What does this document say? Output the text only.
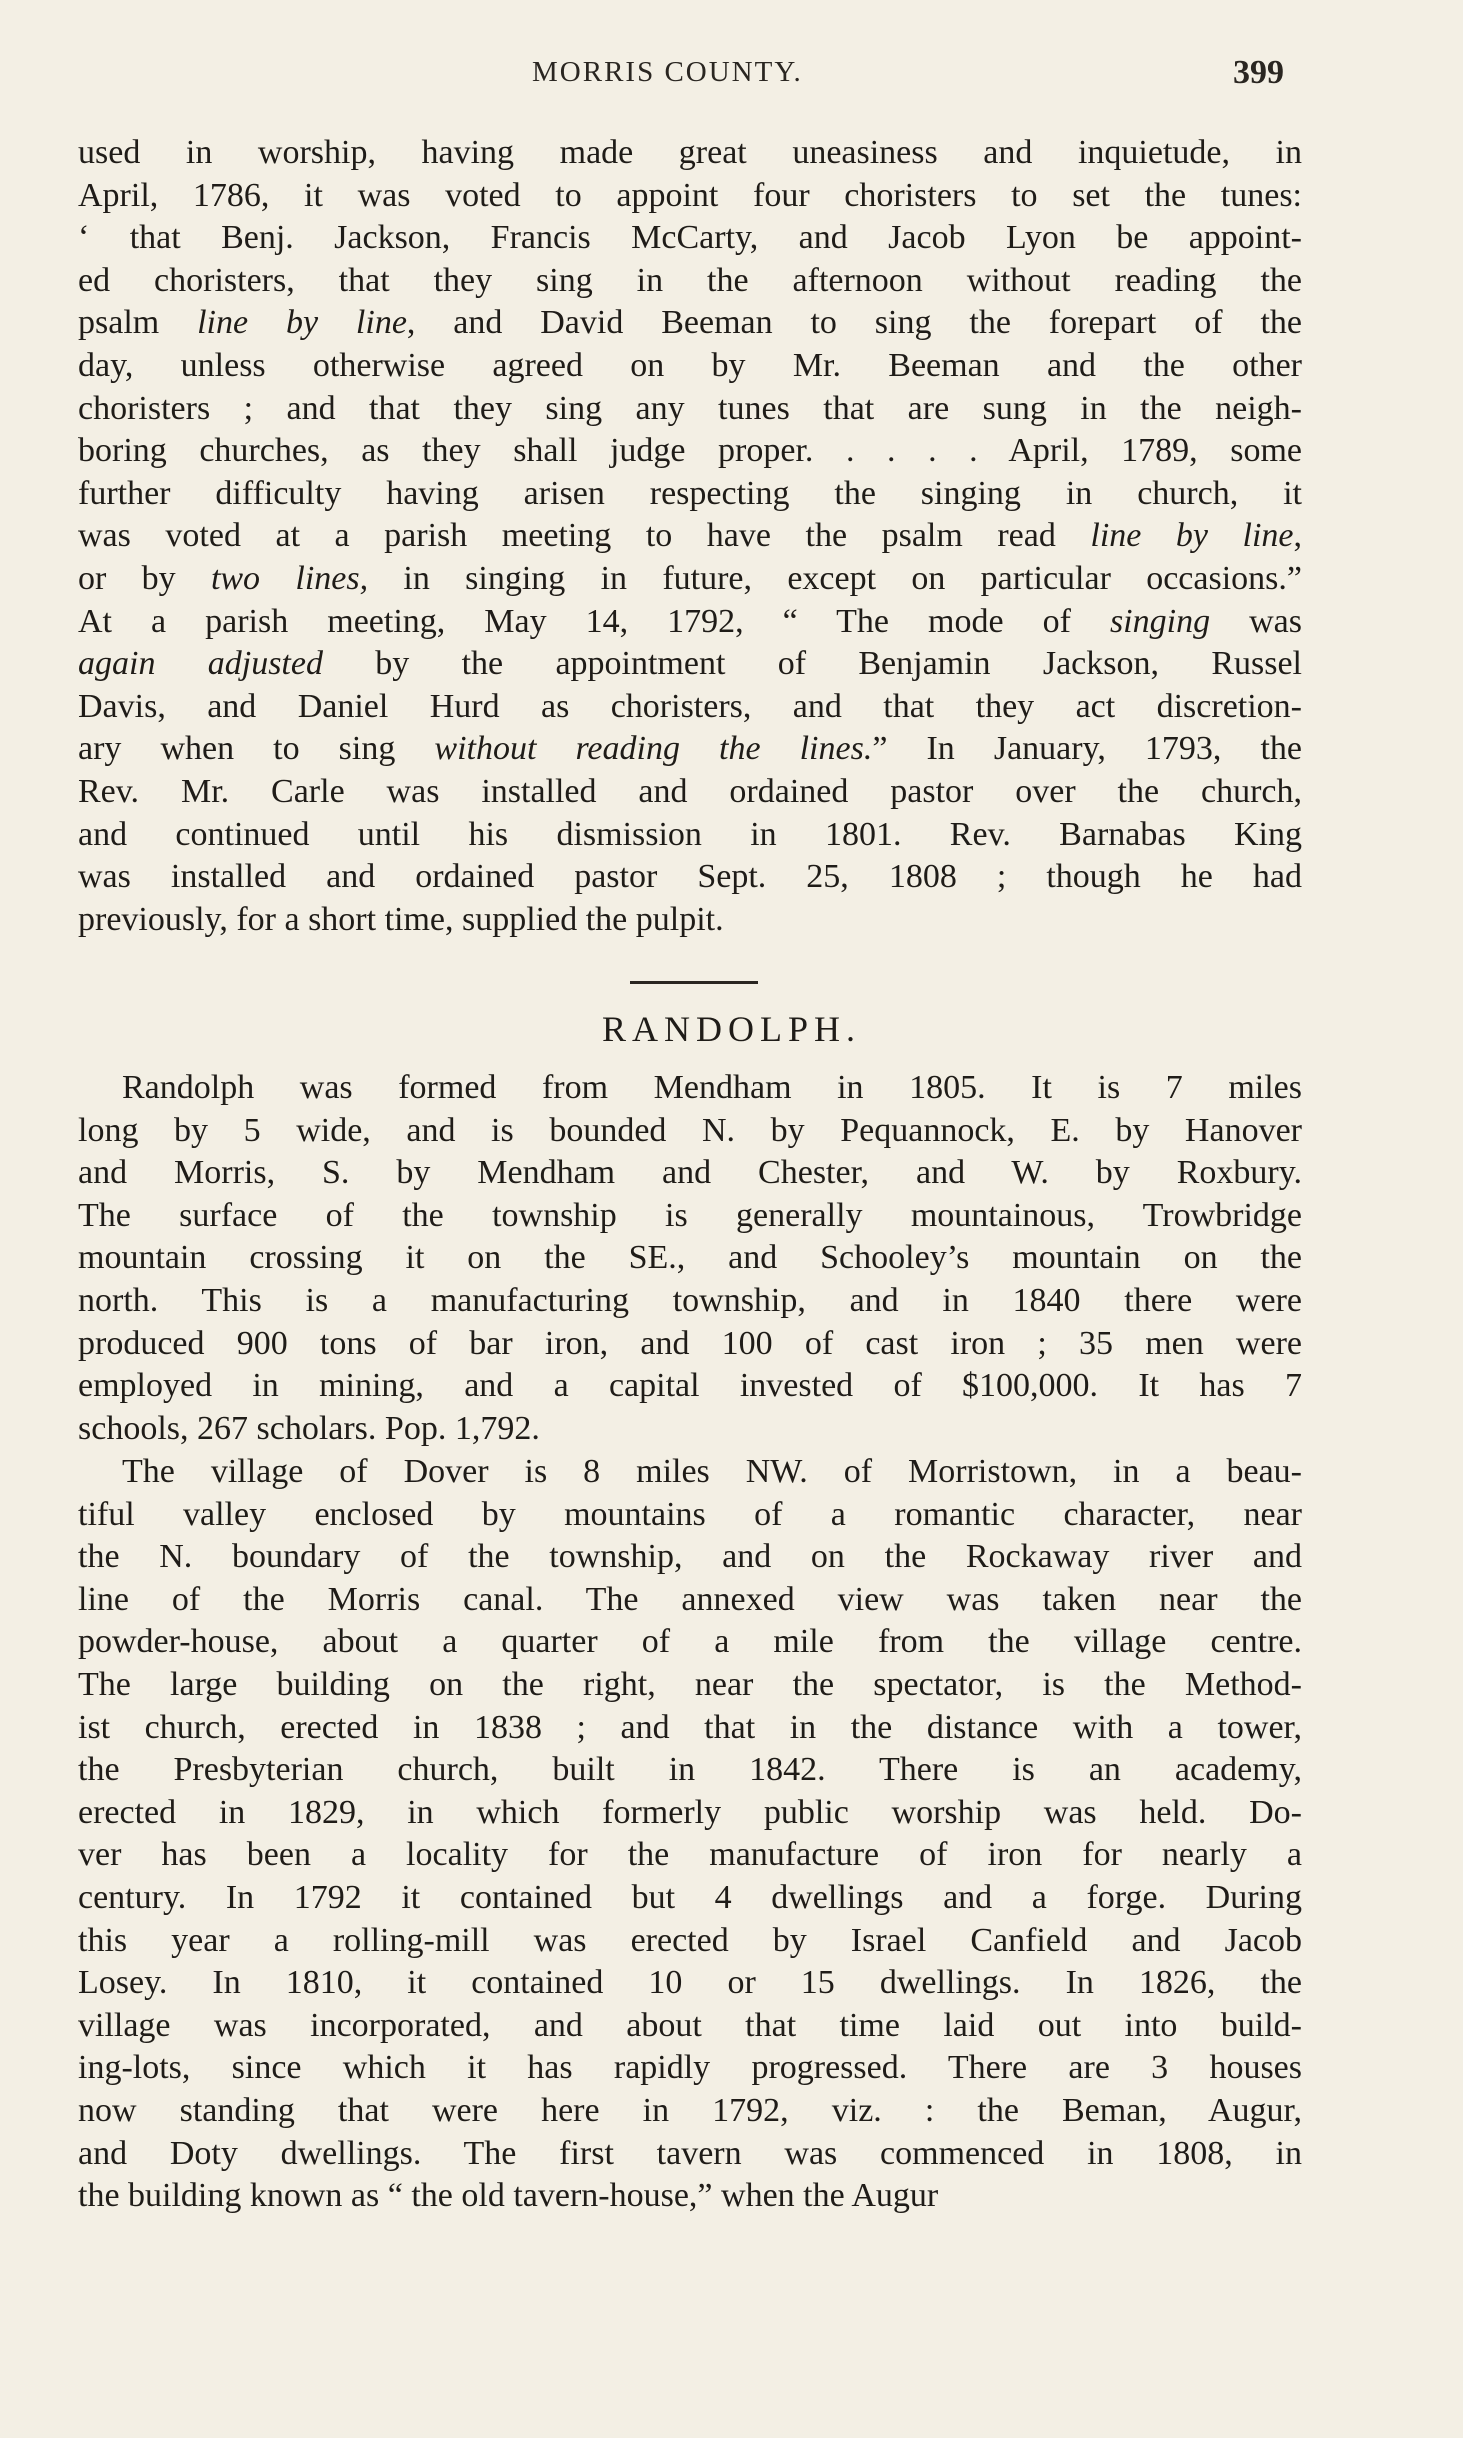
MORRIS COUNTY.	399

used in worship, having made great uneasiness and inquietude, in

April, 1786, it was voted to appoint four choristers to set the tunes:

‘ that Benj. Jackson, Francis McCarty, and Jacob Lyon be appoint-

ed choristers, that they sing in the afternoon without reading the

psalm line by line, and David Beeman to sing the forepart of the

day, unless otherwise agreed on by Mr. Beeman and the other

choristers ; and that they sing any tunes that are sung in the neigh-

boring churches, as they shall judge proper. . . . . April, 1789, some

further difficulty having arisen respecting the singing in church, it

was voted at a parish meeting to have the psalm read line by line,

or by two lines, in singing in future, except on particular occasions.”

At a parish meeting, May 14, 1792, “ The mode of singing was

again adjusted by the appointment of Benjamin Jackson, Russel

Davis, and Daniel Hurd as choristers, and that they act discretion-

ary when to sing without reading the lines.” In January, 1793, the

Rev. Mr. Carle was installed and ordained pastor over the church,

and continued until his dismission in 1801. Rev. Barnabas King

was installed and ordained pastor Sept. 25, 1808 ; though he had

previously, for a short time, supplied the pulpit.

RANDOLPH.

Randolph was formed from Mendham in 1805. It is 7 miles

long by 5 wide, and is bounded N. by Pequannock, E. by Hanover

and Morris, S. by Mendham and Chester, and W. by Roxbury.

The surface of the township is generally mountainous, Trowbridge

mountain crossing it on the SE., and Schooley’s mountain on the

north. This is a manufacturing township, and in 1840 there were

produced 900 tons of bar iron, and 100 of cast iron ; 35 men were

employed in mining, and a capital invested of $100,000. It has 7

schools, 267 scholars. Pop. 1,792.

The village of Dover is 8 miles NW. of Morristown, in a beau-

tiful valley enclosed by mountains of a romantic character, near

the N. boundary of the township, and on the Rockaway river and

line of the Morris canal. The annexed view was taken near the

powder-house, about a quarter of a mile from the village centre.

The large building on the right, near the spectator, is the Method-

ist church, erected in 1838 ; and that in the distance with a tower,

the Presbyterian church, built in 1842. There is an academy,

erected in 1829, in which formerly public worship was held. Do-

ver has been a locality for the manufacture of iron for nearly a

century. In 1792 it contained but 4 dwellings and a forge. During

this year a rolling-mill was erected by Israel Canfield and Jacob

Losey. In 1810, it contained 10 or 15 dwellings. In 1826, the

village was incorporated, and about that time laid out into build-

ing-lots, since which it has rapidly progressed. There are 3 houses

now standing that were here in 1792, viz. : the Beman, Augur,

and Doty dwellings. The first tavern was commenced in 1808, in

the building known as “ the old tavern-house,” when the Augur
